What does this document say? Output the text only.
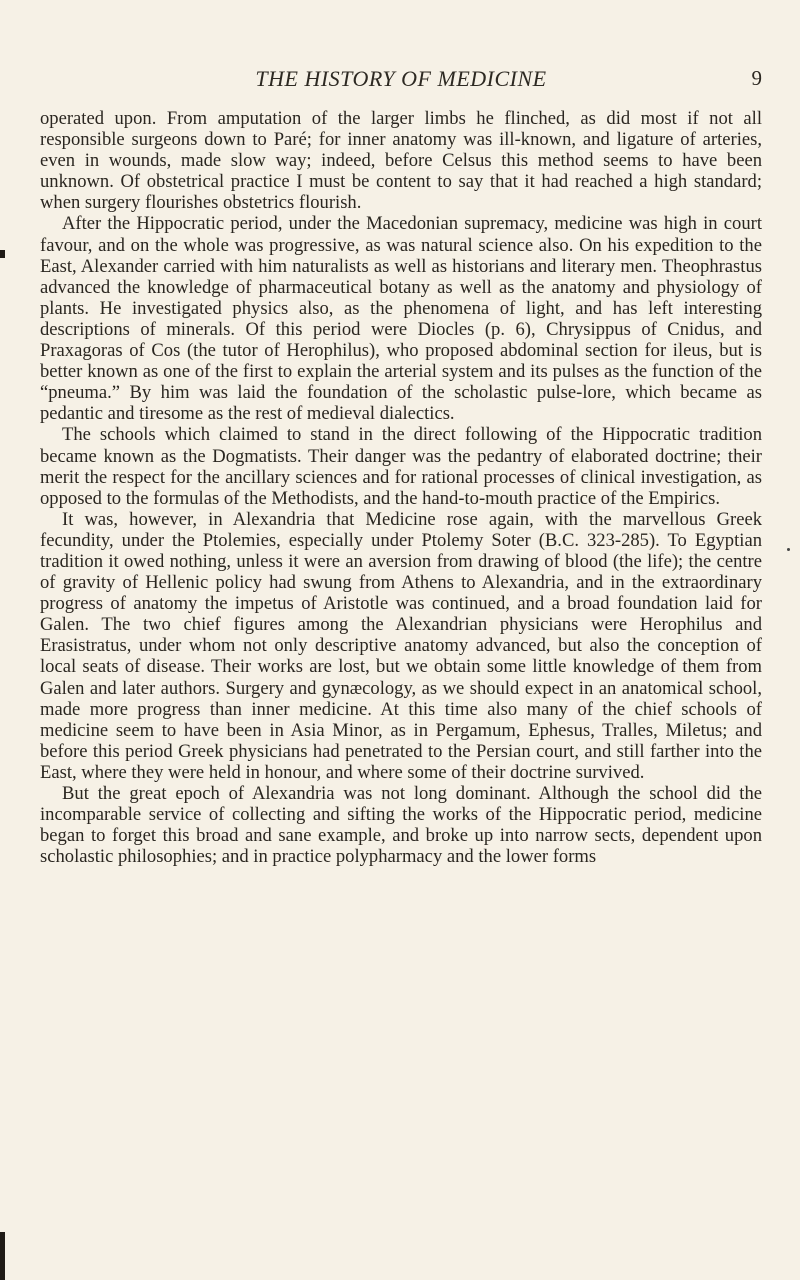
THE HISTORY OF MEDICINE	9

operated upon. From amputation of the larger limbs he flinched, as did most if not all responsible surgeons down to Paré; for inner anatomy was ill-known, and ligature of arteries, even in wounds, made slow way; indeed, before Celsus this method seems to have been unknown. Of obstetrical practice I must be content to say that it had reached a high standard; when surgery flourishes obstetrics flourish.

After the Hippocratic period, under the Macedonian supremacy, medicine was high in court favour, and on the whole was progressive, as was natural science also. On his expedition to the East, Alexander carried with him naturalists as well as historians and literary men. Theophrastus advanced the knowledge of pharmaceutical botany as well as the anatomy and physiology of plants. He investigated physics also, as the phenomena of light, and has left interesting descriptions of minerals. Of this period were Diocles (p. 6), Chrysippus of Cnidus, and Praxagoras of Cos (the tutor of Herophilus), who proposed abdominal section for ileus, but is better known as one of the first to explain the arterial system and its pulses as the function of the “pneuma.” By him was laid the foundation of the scholastic pulse-lore, which became as pedantic and tiresome as the rest of medieval dialectics.

The schools which claimed to stand in the direct following of the Hippocratic tradition became known as the Dogmatists. Their danger was the pedantry of elaborated doctrine; their merit the respect for the ancillary sciences and for rational processes of clinical investigation, as opposed to the formulas of the Methodists, and the hand-to-mouth practice of the Empirics.

It was, however, in Alexandria that Medicine rose again, with the marvellous Greek fecundity, under the Ptolemies, especially under Ptolemy Soter (B.C. 323-285). To Egyptian tradition it owed nothing, unless it were an aversion from drawing of blood (the life); the centre of gravity of Hellenic policy had swung from Athens to Alexandria, and in the extraordinary progress of anatomy the impetus of Aristotle was continued, and a broad foundation laid for Galen. The two chief figures among the Alexandrian physicians were Herophilus and Erasistratus, under whom not only descriptive anatomy advanced, but also the conception of local seats of disease. Their works are lost, but we obtain some little knowledge of them from Galen and later authors. Surgery and gynæcology, as we should expect in an anatomical school, made more progress than inner medicine. At this time also many of the chief schools of medicine seem to have been in Asia Minor, as in Pergamum, Ephesus, Tralles, Miletus; and before this period Greek physicians had penetrated to the Persian court, and still farther into the East, where they were held in honour, and where some of their doctrine survived.

But the great epoch of Alexandria was not long dominant. Although the school did the incomparable service of collecting and sifting the works of the Hippocratic period, medicine began to forget this broad and sane example, and broke up into narrow sects, dependent upon scholastic philosophies; and in practice polypharmacy and the lower forms
